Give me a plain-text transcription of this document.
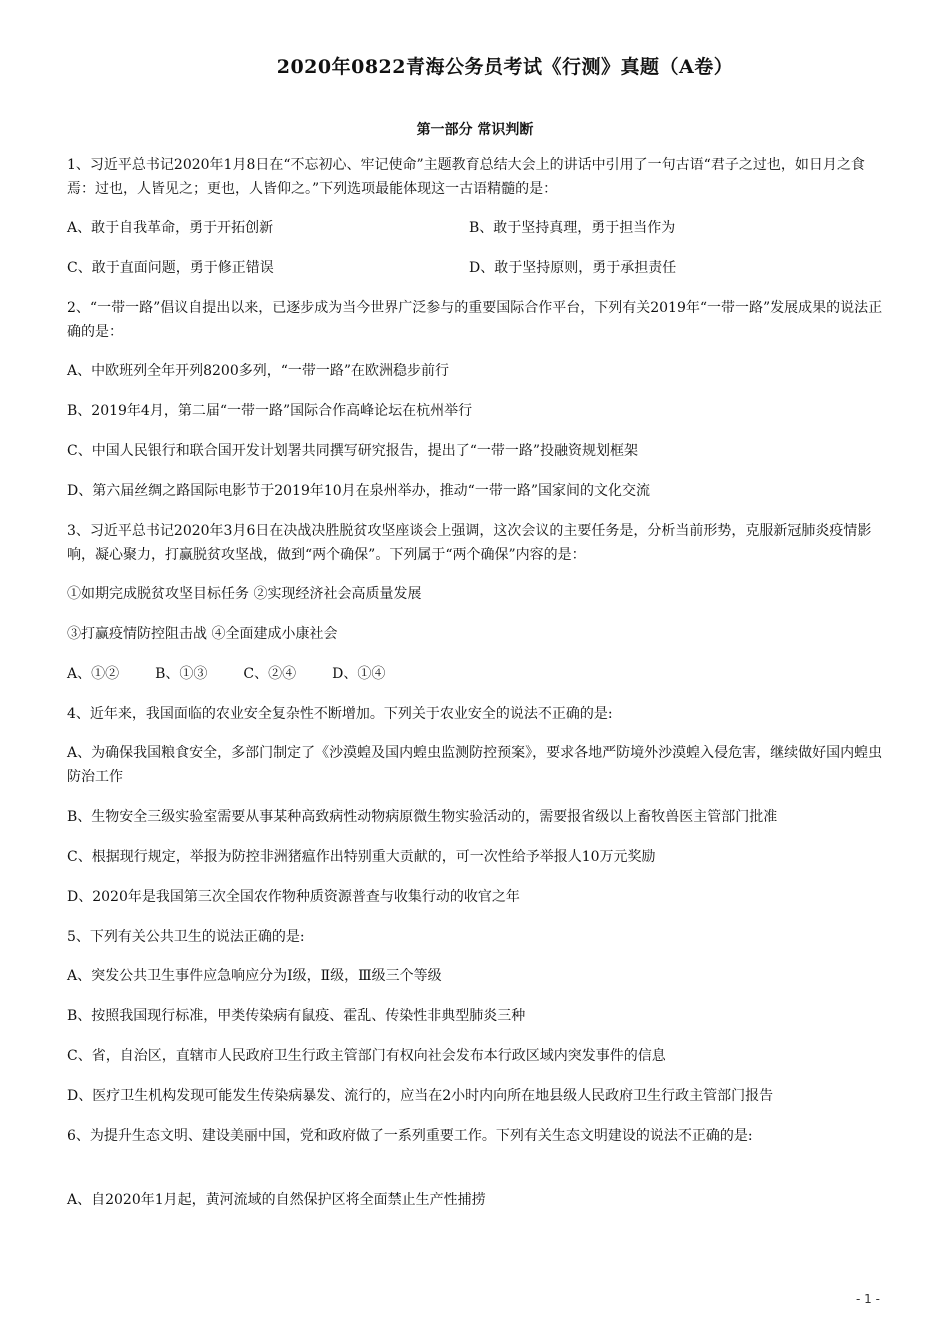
2020年0822青海公务员考试《行测》真题（A卷）
第一部分 常识判断

1、习近平总书记2020年1月8日在“不忘初心、牢记使命”主题教育总结大会上的讲话中引用了一句古语“君子之过也，如日月之食焉：过也，人皆见之；更也，人皆仰之。”下列选项最能体现这一古语精髓的是：

A、敢于自我革命，勇于开拓创新	B、敢于坚持真理，勇于担当作为
C、敢于直面问题，勇于修正错误	D、敢于坚持原则，勇于承担责任

2、“一带一路”倡议自提出以来，已逐步成为当今世界广泛参与的重要国际合作平台，下列有关2019年“一带一路”发展成果的说法正确的是：

A、中欧班列全年开列8200多列，“一带一路”在欧洲稳步前行

B、2019年4月，第二届“一带一路”国际合作高峰论坛在杭州举行

C、中国人民银行和联合国开发计划署共同撰写研究报告，提出了“一带一路”投融资规划框架

D、第六届丝绸之路国际电影节于2019年10月在泉州举办，推动“一带一路”国家间的文化交流

3、习近平总书记2020年3月6日在决战决胜脱贫攻坚座谈会上强调，这次会议的主要任务是，分析当前形势，克服新冠肺炎疫情影响，凝心聚力，打赢脱贫攻坚战，做到“两个确保”。下列属于“两个确保”内容的是：

①如期完成脱贫攻坚目标任务 ②实现经济社会高质量发展

③打赢疫情防控阻击战 ④全面建成小康社会

A、①②	B、①③	C、②④	D、①④

4、近年来，我国面临的农业安全复杂性不断增加。下列关于农业安全的说法不正确的是:

A、为确保我国粮食安全，多部门制定了《沙漠蝗及国内蝗虫监测防控预案》，要求各地严防境外沙漠蝗入侵危害，继续做好国内蝗虫防治工作

B、生物安全三级实验室需要从事某种高致病性动物病原微生物实验活动的，需要报省级以上畜牧兽医主管部门批准

C、根据现行规定，举报为防控非洲猪瘟作出特别重大贡献的，可一次性给予举报人10万元奖励

D、2020年是我国第三次全国农作物种质资源普查与收集行动的收官之年

5、下列有关公共卫生的说法正确的是:

A、突发公共卫生事件应急响应分为Ⅰ级，Ⅱ级，Ⅲ级三个等级

B、按照我国现行标准，甲类传染病有鼠疫、霍乱、传染性非典型肺炎三种

C、省，自治区，直辖市人民政府卫生行政主管部门有权向社会发布本行政区域内突发事件的信息

D、医疗卫生机构发现可能发生传染病暴发、流行的，应当在2小时内向所在地县级人民政府卫生行政主管部门报告

6、为提升生态文明、建设美丽中国，党和政府做了一系列重要工作。下列有关生态文明建设的说法不正确的是:

A、自2020年1月起，黄河流域的自然保护区将全面禁止生产性捕捞

- 1 -
